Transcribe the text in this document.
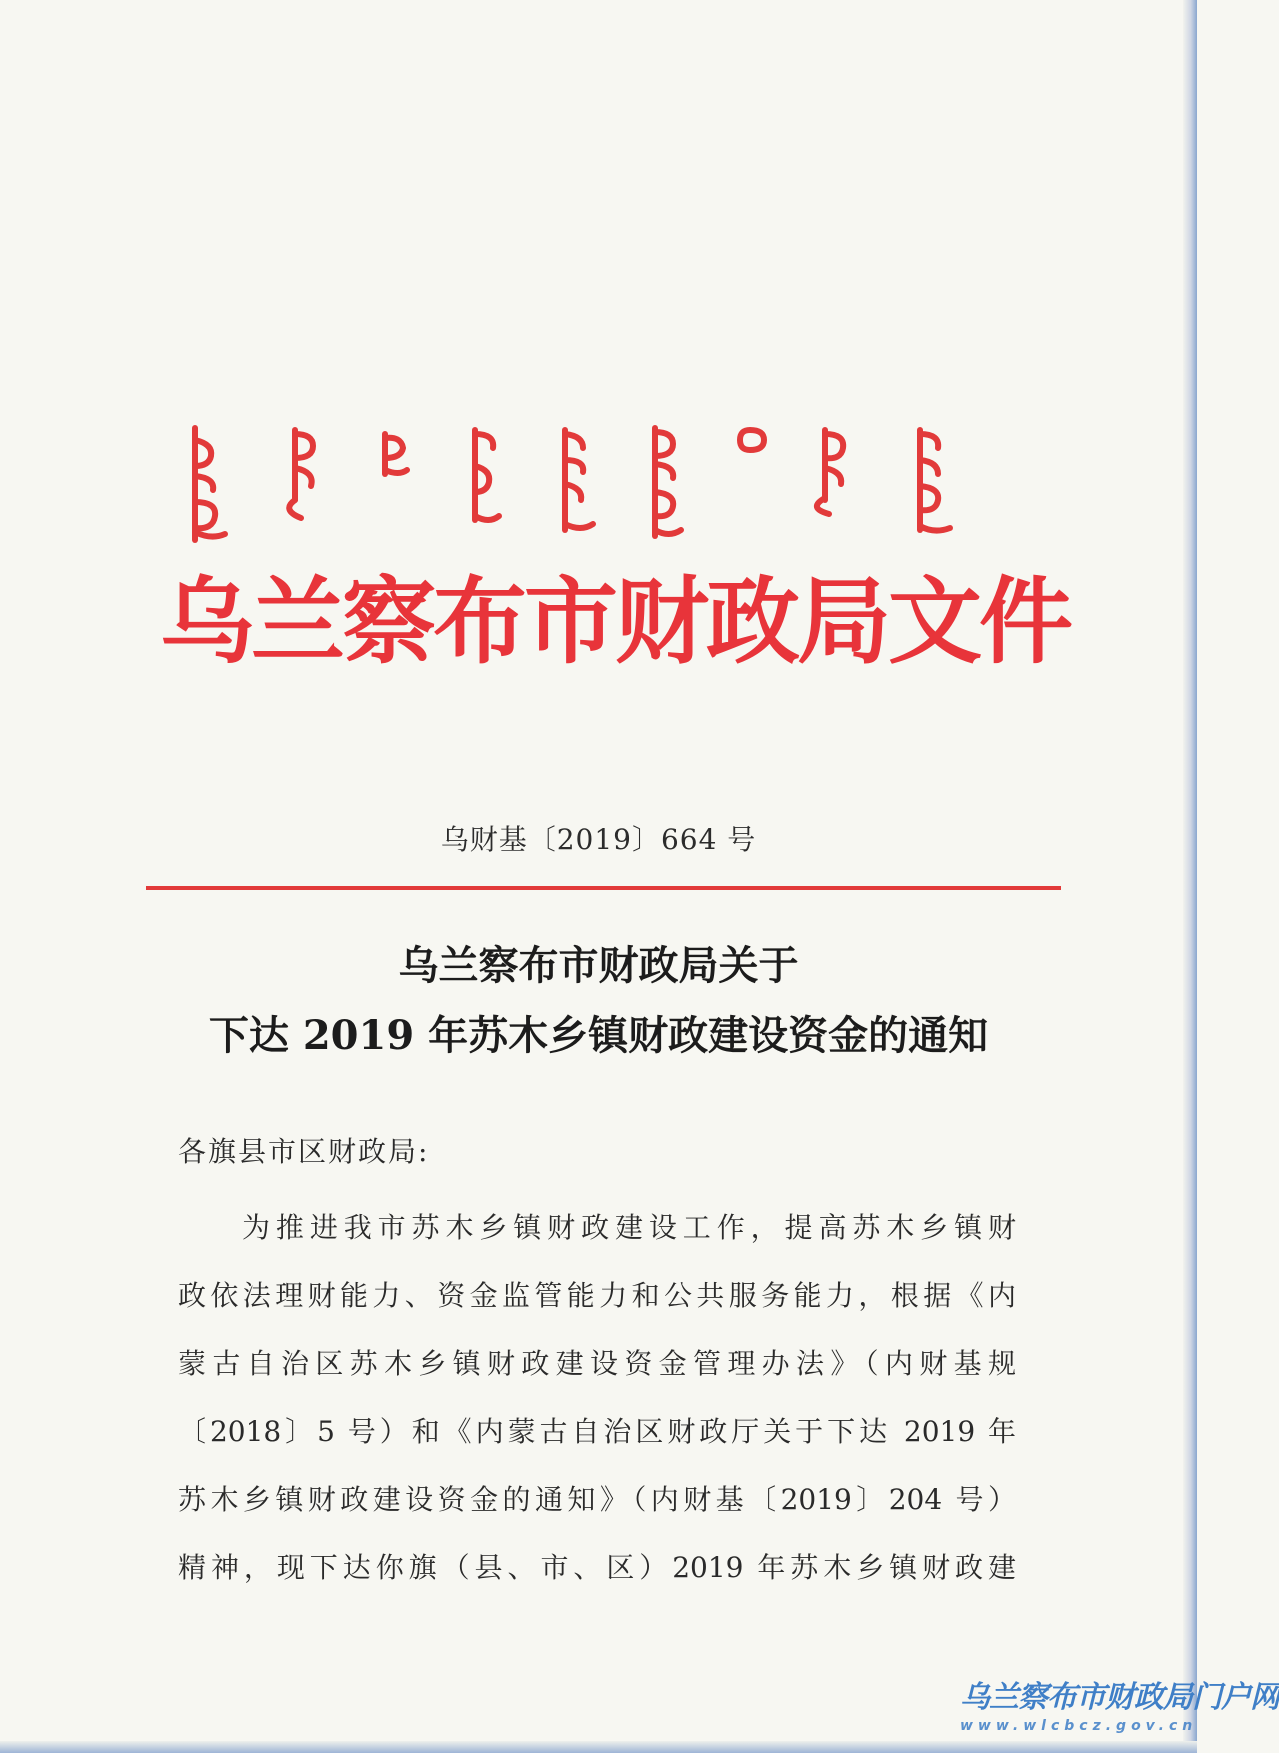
乌兰察布市财政局文件
乌财基〔2019〕664 号
乌兰察布市财政局关于
下达 2019 年苏木乡镇财政建设资金的通知
各旗县市区财政局:
为推进我市苏木乡镇财政建设工作，提高苏木乡镇财
政依法理财能力、资金监管能力和公共服务能力，根据《内
蒙古自治区苏木乡镇财政建设资金管理办法》（内财基规
〔2018〕5 号）和《内蒙古自治区财政厅关于下达 2019 年
苏木乡镇财政建设资金的通知》（内财基〔2019〕204 号）
精神，现下达你旗（县、市、区）2019 年苏木乡镇财政建
乌兰察布市财政局门户网
www.wlcbcz.gov.cn
